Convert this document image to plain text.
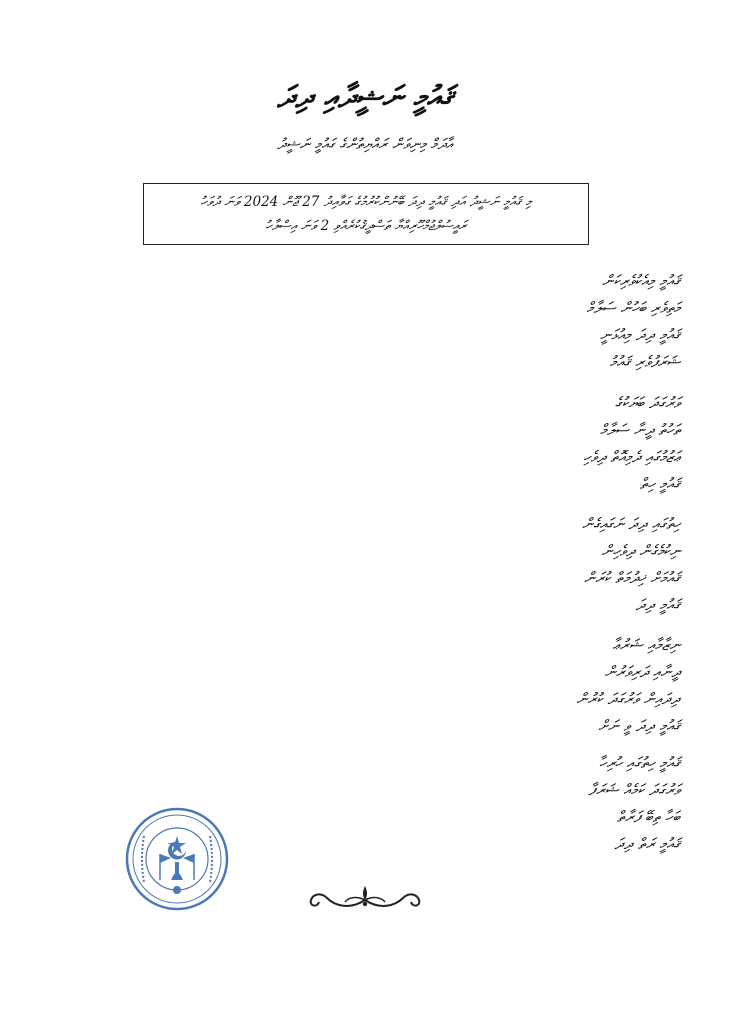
ޤައުމީ ނަޝީދާއި ދިދަ
އާދަމް މިނިވަން ރައްޔިތުންގެ ގައުމީ ނަޝީދު
މި ޤައުމީ ނަޝީދު އަދި ޤައުމީ ދިދަ ބޭނުންކުރުމުގެ ގަވާއިދު 27 ޖޫން 2024 ވަނަ ދުވަހު
ރައީސުލްޖުމްހޫރިއްޔާ ތަސްދީޤުކުރެއްވި 2 ވަނަ އިސްލާހު
ޤައުމީ މިއެކުވެރިކަން
މަތިވެރި ބަހުން ސަލާމް
ޤައުމީ ދިދަ މިއުޅަނީ
ޝަރަފުވެރި ޤައުމު
ވަރުގަދަ ބަޔަކުގެ
ތަހުތު ދީނާ ސަލާމް
ޢަޒުމުގައި ދެމިއޮތް ދިވެހި
ޤައުމީ ހިތް
ހިތުގައި ދިދަ ނަގައިގެން
ނިކުމެގެން ދިވެހިން
ޤައުމަށް ޚިދުމަތް ކުރަން
ޤައުމީ ދިދަ
ނިޒާމާއި ޝަރުޢާ
ދީނާއި ދަރިވަރުން
ދިދައިން ވަރުގަދަ ކުރުން
ޤައުމީ ދިދަ ވީ ނަށް
ޤައުމީ ހިތުގައި ހުރިހާ
ވަރުގަދަ ކަމެއް ޝަރަފާ
ބަހާ ތިބޭ ފަރާތް
ޤައުމީ ރަތް ދިދަ
